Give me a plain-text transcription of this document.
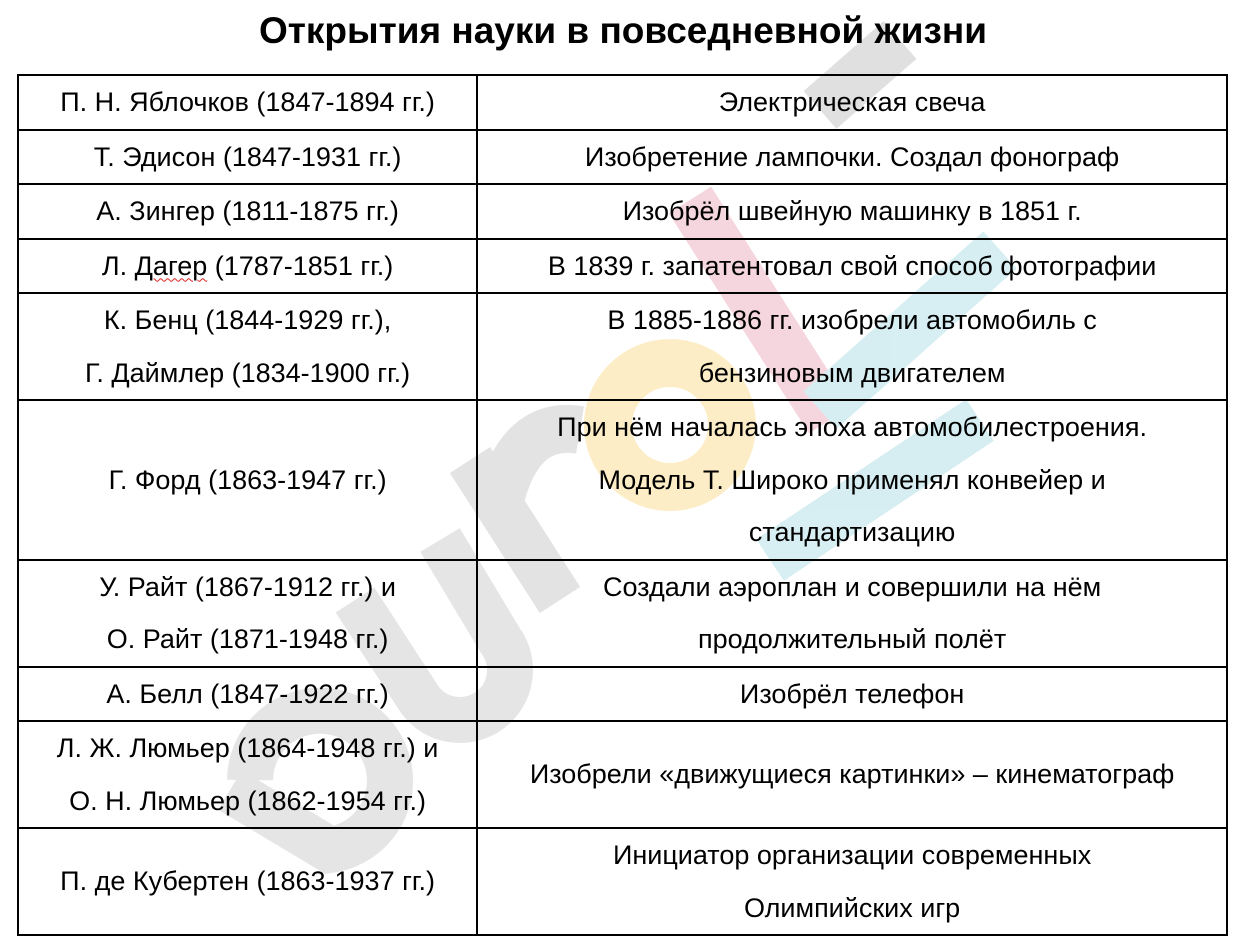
Открытия науки в повседневной жизни
П. Н. Яблочков (1847-1894 гг.)	Электрическая свеча

Т. Эдисон (1847-1931 гг.)	Изобретение лампочки. Создал фонограф

А. Зингер (1811-1875 гг.)	Изобрёл швейную машинку в 1851 г.

Л. Дагер (1787-1851 гг.)	В 1839 г. запатентовал свой способ фотографии

К. Бенц (1844-1929 гг.),
Г. Даймлер (1834-1900 гг.)	В 1885-1886 гг. изобрели автомобиль с
бензиновым двигателем

Г. Форд (1863-1947 гг.)	При нём началась эпоха автомобилестроения.
Модель Т. Широко применял конвейер и
стандартизацию

У. Райт (1867-1912 гг.) и
О. Райт (1871-1948 гг.)	Создали аэроплан и совершили на нём
продолжительный полёт

А. Белл (1847-1922 гг.)	Изобрёл телефон

Л. Ж. Люмьер (1864-1948 гг.) и
О. Н. Люмьер (1862-1954 гг.)	Изобрели «движущиеся картинки» – кинематограф

П. де Кубертен (1863-1937 гг.)	Инициатор организации современных
Олимпийских игр
